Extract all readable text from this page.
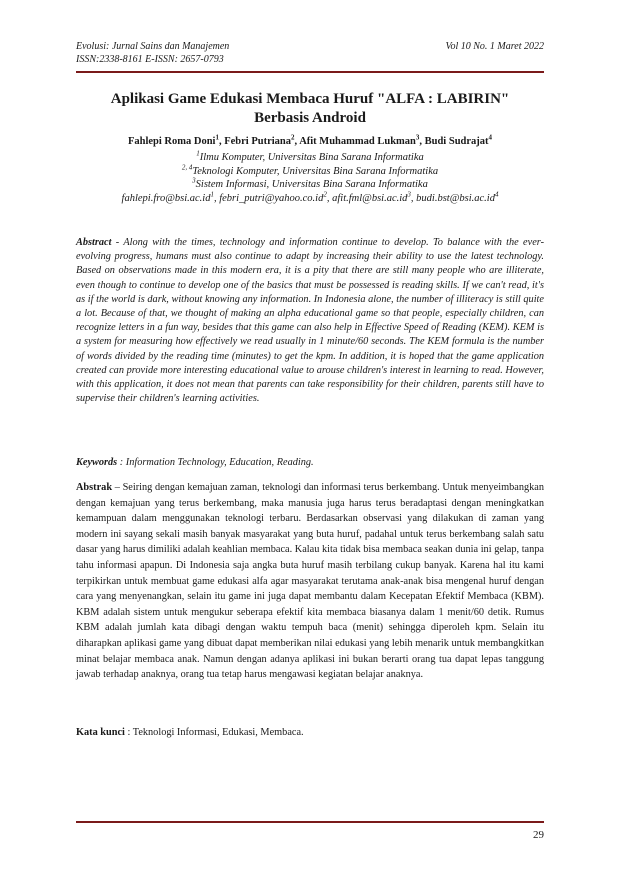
Evolusi: Jurnal Sains dan Manajemen	Vol 10 No. 1 Maret 2022
ISSN:2338-8161 E-ISSN: 2657-0793
Aplikasi Game Edukasi Membaca Huruf "ALFA : LABIRIN"
Berbasis Android
Fahlepi Roma Doni$^1$, Febri Putriana$^2$, Afit Muhammad Lukman$^3$, Budi Sudrajat$^4$
$^1$Ilmu Komputer, Universitas Bina Sarana Informatika
$^{2, 4}$Teknologi Komputer, Universitas Bina Sarana Informatika
$^3$Sistem Informasi, Universitas Bina Sarana Informatika
$fahlepi.fro@bsi.ac.id^1$, $febri\_putri@yahoo.co.id^2$, $afit.fml@bsi.ac.id^3$, $budi.bst@bsi.ac.id^4$

Abstract - Along with the times, technology and information continue to develop. To balance with the ever-evolving progress, humans must also continue to adapt by increasing their ability to use the latest technology. Based on observations made in this modern era, it is a pity that there are still many people who are illiterate, even though to continue to develop one of the basics that must be possessed is reading skills. If we can't read, it's as if the world is dark, without knowing any information. In Indonesia alone, the number of illiteracy is still quite a lot. Because of that, we thought of making an alpha educational game so that people, especially children, can recognize letters in a fun way, besides that this game can also help in Effective Speed of Reading (KEM). KEM is a system for measuring how effectively we read usually in 1 minute/60 seconds. The KEM formula is the number of words divided by the reading time (minutes) to get the kpm. In addition, it is hoped that the game application created can provide more interesting educational value to arouse children's interest in learning to read. However, with this application, it does not mean that parents can take responsibility for their children, parents still have to supervise their children's learning activities.

Keywords : Information Technology, Education, Reading.

Abstrak – Seiring dengan kemajuan zaman, teknologi dan informasi terus berkembang. Untuk menyeimbangkan dengan kemajuan yang terus berkembang, maka manusia juga harus terus beradaptasi dengan meningkatkan kemampuan dalam menggunakan teknologi terbaru. Berdasarkan observasi yang dilakukan di zaman yang modern ini sayang sekali masih banyak masyarakat yang buta huruf, padahal untuk terus berkembang salah satu dasar yang harus dimiliki adalah keahlian membaca. Kalau kita tidak bisa membaca seakan dunia ini gelap, tanpa tahu informasi apapun. Di Indonesia saja angka buta huruf masih terbilang cukup banyak. Karena hal itu kami terpikirkan untuk membuat game edukasi alfa agar masyarakat terutama anak-anak bisa mengenal huruf dengan cara yang menyenangkan, selain itu game ini juga dapat membantu dalam Kecepatan Efektif Membaca (KBM). KBM adalah sistem untuk mengukur seberapa efektif kita membaca biasanya dalam 1 menit/60 detik. Rumus KBM adalah jumlah kata dibagi dengan waktu tempuh baca (menit) sehingga diperoleh kpm. Selain itu diharapkan aplikasi game yang dibuat dapat memberikan nilai edukasi yang lebih menarik untuk membangkitkan minat belajar membaca anak. Namun dengan adanya aplikasi ini bukan berarti orang tua dapat lepas tanggung jawab terhadap anaknya, orang tua tetap harus mengawasi kegiatan belajar anaknya.

Kata kunci : Teknologi Informasi, Edukasi, Membaca.

29
